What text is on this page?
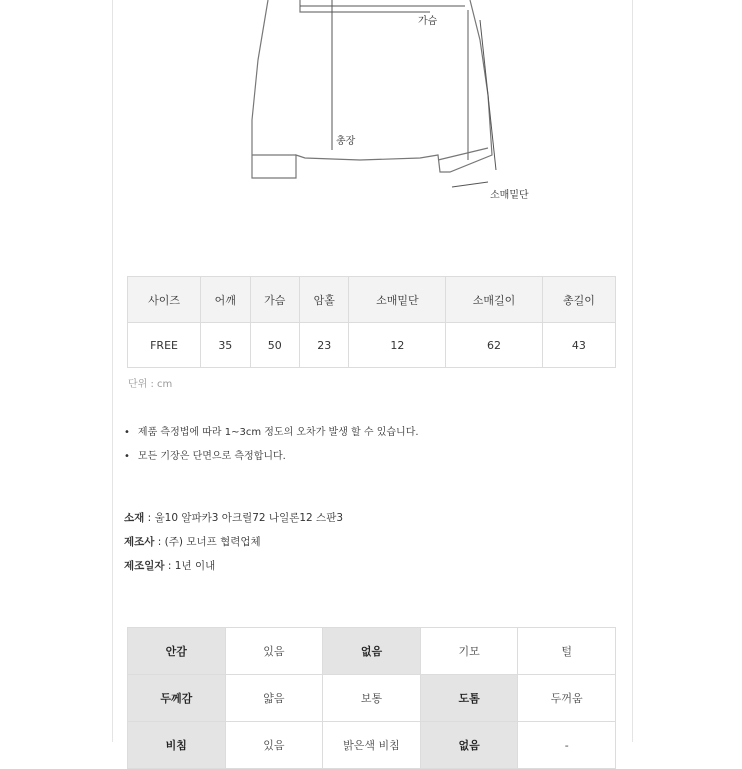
가슴
총장
소매밑단
사이즈	어깨	가슴	암홀	소매밑단	소매길이	총길이
FREE	35	50	23	12	62	43
단위 : cm
• 제품 측정법에 따라 1~3cm 정도의 오차가 발생 할 수 있습니다.
• 모든 기장은 단면으로 측정합니다.
소재 : 울10 알파카3 아크릴72 나일론12 스판3
제조사 : (주) 모너프 협력업체
제조일자 : 1년 이내
안감	있음	없음	기모	털
두께감	얇음	보통	도톰	두꺼움
비침	있음	밝은색 비침	없음	-
